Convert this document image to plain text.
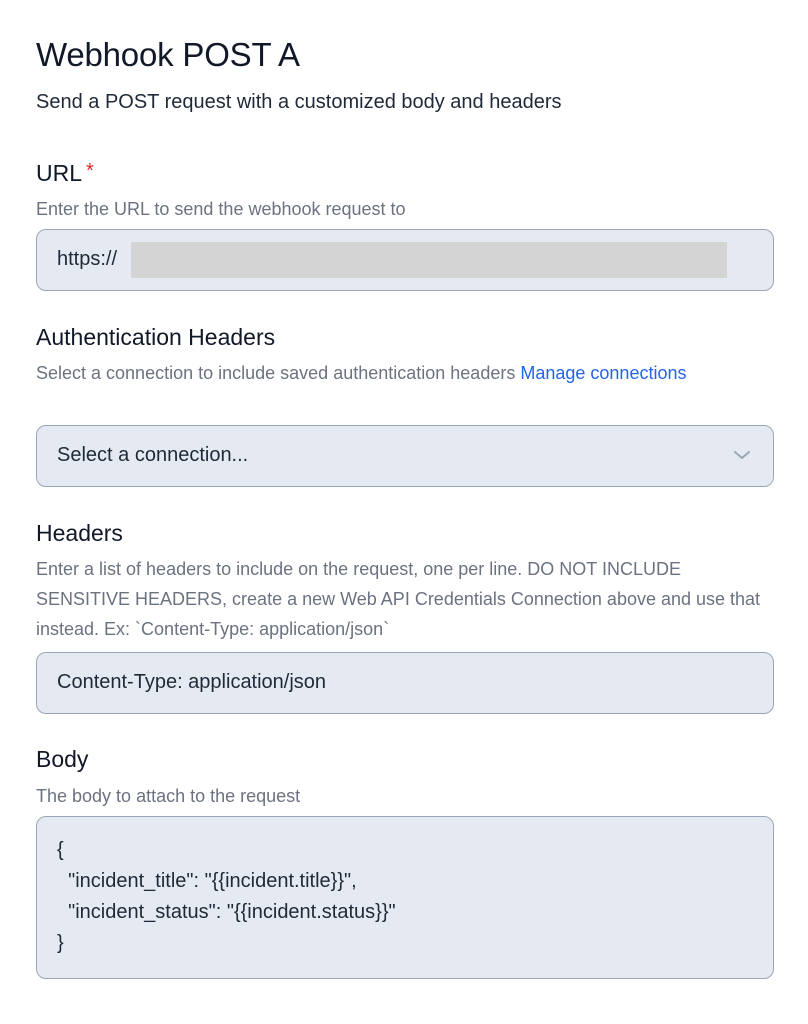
Webhook POST A
Send a POST request with a customized body and headers
URL *
Enter the URL to send the webhook request to
https://
Authentication Headers
Select a connection to include saved authentication headers Manage connections
Select a connection...
Headers
Enter a list of headers to include on the request, one per line. DO NOT INCLUDE SENSITIVE HEADERS, create a new Web API Credentials Connection above and use that instead. Ex: `Content-Type: application/json`
Content-Type: application/json
Body
The body to attach to the request
{
"incident_title": "{{incident.title}}",
"incident_status": "{{incident.status}}"
}
